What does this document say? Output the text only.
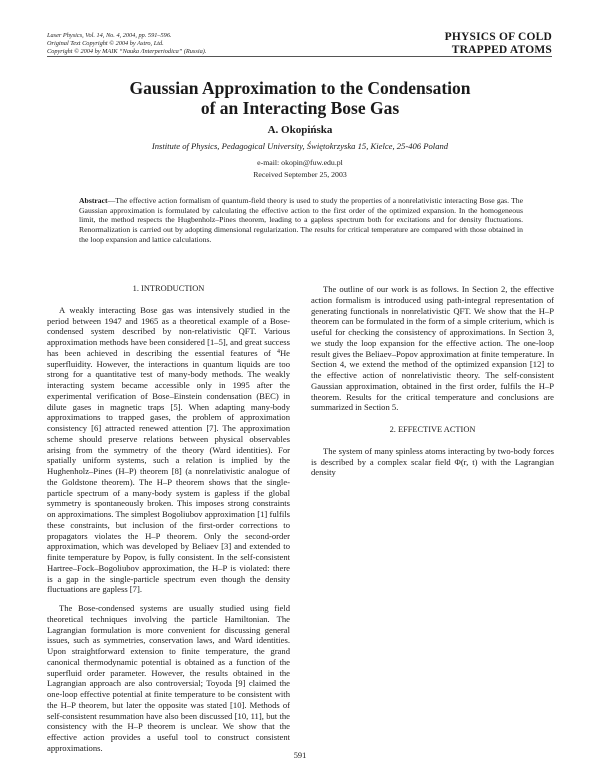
Laser Physics, Vol. 14, No. 4, 2004, pp. 591–596.
Original Text Copyright © 2004 by Astro, Ltd.
Copyright © 2004 by MAIK “Nauka /Interperiodica” (Russia).
PHYSICS OF COLD
TRAPPED ATOMS
Gaussian Approximation to the Condensation
of an Interacting Bose Gas
A. Okopińska
Institute of Physics, Pedagogical University, Świętokrzyska 15, Kielce, 25-406 Poland
e-mail: okopin@fuw.edu.pl
Received September 25, 2003
Abstract—The effective action formalism of quantum-field theory is used to study the properties of a nonrelativistic interacting Bose gas. The Gaussian approximation is formulated by calculating the effective action to the first order of the optimized expansion. In the homogeneous limit, the method respects the Hugbenholz–Pines theorem, leading to a gapless spectrum both for excitations and for density fluctuations. Renormalization is carried out by adopting dimensional regularization. The results for critical temperature are compared with those obtained in the loop expansion and lattice calculations.
1. INTRODUCTION

A weakly interacting Bose gas was intensively studied in the period between 1947 and 1965 as a theoretical example of a Bose-condensed system described by non-relativistic QFT. Various approximation methods have been considered [1–5], and great success has been achieved in describing the essential features of $^4$He superfluidity. However, the interactions in quantum liquids are too strong for a quantitative test of many-body methods. The weakly interacting system became accessible only in 1995 after the experimental verification of Bose–Einstein condensation (BEC) in dilute gases in magnetic traps [5]. When adapting many-body approximations to trapped gases, the problem of approximation consistency [6] attracted renewed attention [7]. The approximation scheme should preserve relations between physical observables arising from the symmetry of the theory (Ward identities). For spatially uniform systems, such a relation is implied by the Hughenholz–Pines (H–P) theorem [8] (a nonrelativistic analogue of the Goldstone theorem). The H–P theorem shows that the single-particle spectrum of a many-body system is gapless if the global symmetry is spontaneously broken. This imposes strong constraints on approximations. The simplest Bogoliubov approximation [1] fulfils these constraints, but inclusion of the first-order corrections to propagators violates the H–P theorem. Only the second-order approximation, which was developed by Beliaev [3] and extended to finite temperature by Popov, is fully consistent. In the self-consistent Hartree–Fock–Bogoliubov approximation, the H–P is violated: there is a gap in the single-particle spectrum even though the density fluctuations are gapless [7].

The Bose-condensed systems are usually studied using field theoretical techniques involving the particle Hamiltonian. The Lagrangian formulation is more convenient for discussing general issues, such as symmetries, conservation laws, and Ward identities. Upon straightforward extension to finite temperature, the grand canonical thermodynamic potential is obtained as a function of the superfluid order parameter. However, the results obtained in the Lagrangian approach are also controversial; Toyoda [9] claimed the one-loop effective potential at finite temperature to be consistent with the H–P theorem, but later the opposite was stated [10]. Methods of self-consistent resummation have also been discussed [10, 11], but the consistency with the H–P theorem is unclear. We show that the effective action provides a useful tool to construct consistent approximations.

The outline of our work is as follows. In Section 2, the effective action formalism is introduced using path-integral representation of generating functionals in nonrelativistic QFT. We show that the H–P theorem can be formulated in the form of a simple criterium, which is useful for checking the consistency of approximations. In Section 3, we study the loop expansion for the effective action. The one-loop result gives the Beliaev–Popov approximation at finite temperature. In Section 4, we extend the method of the optimized expansion [12] to the effective action of nonrelativistic theory. The self-consistent Gaussian approximation, obtained in the first order, fulfils the H–P theorem. Results for the critical temperature and conclusions are summarized in Section 5.

2. EFFECTIVE ACTION

The system of many spinless atoms interacting by two-body forces is described by a complex scalar field Φ(r, t) with the Lagrangian density

591
